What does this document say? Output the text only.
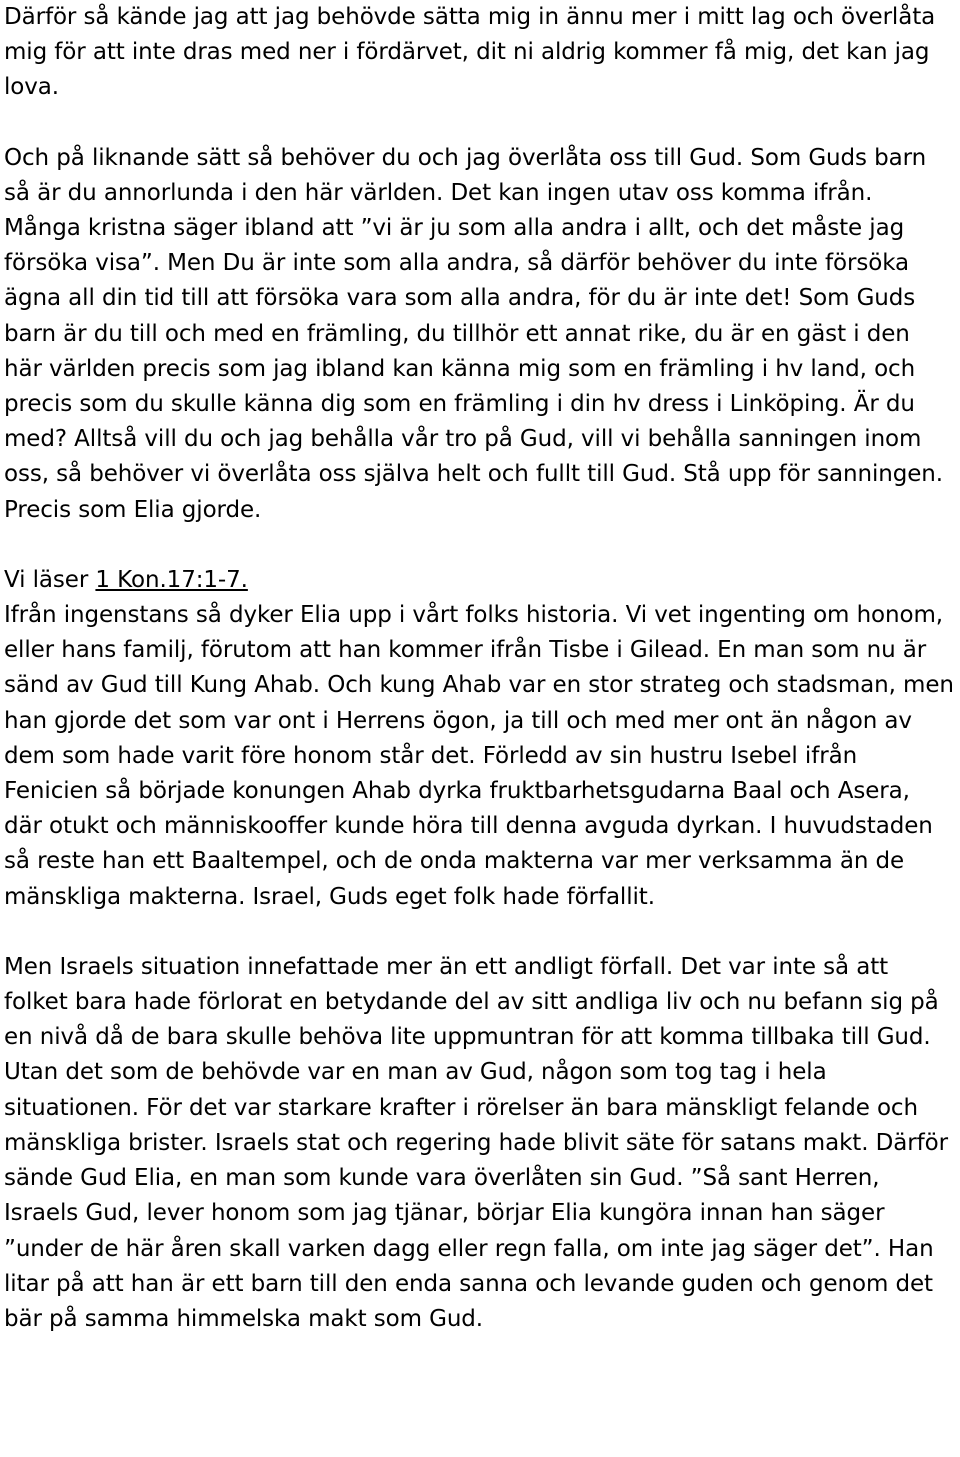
Därför så kände jag att jag behövde sätta mig in ännu mer i mitt lag och överlåta mig för att inte dras med ner i fördärvet, dit ni aldrig kommer få mig, det kan jag lova.

Och på liknande sätt så behöver du och jag överlåta oss till Gud. Som Guds barn så är du annorlunda i den här världen. Det kan ingen utav oss komma ifrån. Många kristna säger ibland att ”vi är ju som alla andra i allt, och det måste jag försöka visa”. Men Du är inte som alla andra, så därför behöver du inte försöka ägna all din tid till att försöka vara som alla andra, för du är inte det! Som Guds barn är du till och med en främling, du tillhör ett annat rike, du är en gäst i den här världen precis som jag ibland kan känna mig som en främling i hv land, och precis som du skulle känna dig som en främling i din hv dress i Linköping. Är du med? Alltså vill du och jag behålla vår tro på Gud, vill vi behålla sanningen inom oss, så behöver vi överlåta oss själva helt och fullt till Gud. Stå upp för sanningen. Precis som Elia gjorde.

Vi läser 1 Kon.17:1-7.

Ifrån ingenstans så dyker Elia upp i vårt folks historia. Vi vet ingenting om honom, eller hans familj, förutom att han kommer ifrån Tisbe i Gilead. En man som nu är sänd av Gud till Kung Ahab. Och kung Ahab var en stor strateg och stadsman, men han gjorde det som var ont i Herrens ögon, ja till och med mer ont än någon av dem som hade varit före honom står det. Förledd av sin hustru Isebel ifrån Fenicien så började konungen Ahab dyrka fruktbarhetsgudarna Baal och Asera, där otukt och människooffer kunde höra till denna avguda dyrkan. I huvudstaden så reste han ett Baaltempel, och de onda makterna var mer verksamma än de mänskliga makterna. Israel, Guds eget folk hade förfallit.

Men Israels situation innefattade mer än ett andligt förfall. Det var inte så att folket bara hade förlorat en betydande del av sitt andliga liv och nu befann sig på en nivå då de bara skulle behöva lite uppmuntran för att komma tillbaka till Gud. Utan det som de behövde var en man av Gud, någon som tog tag i hela situationen. För det var starkare krafter i rörelser än bara mänskligt felande och mänskliga brister. Israels stat och regering hade blivit säte för satans makt. Därför sände Gud Elia, en man som kunde vara överlåten sin Gud. ”Så sant Herren, Israels Gud, lever honom som jag tjänar, börjar Elia kungöra innan han säger

”under de här åren skall varken dagg eller regn falla, om inte jag säger det”. Han litar på att han är ett barn till den enda sanna och levande guden och genom det bär på samma himmelska makt som Gud.
